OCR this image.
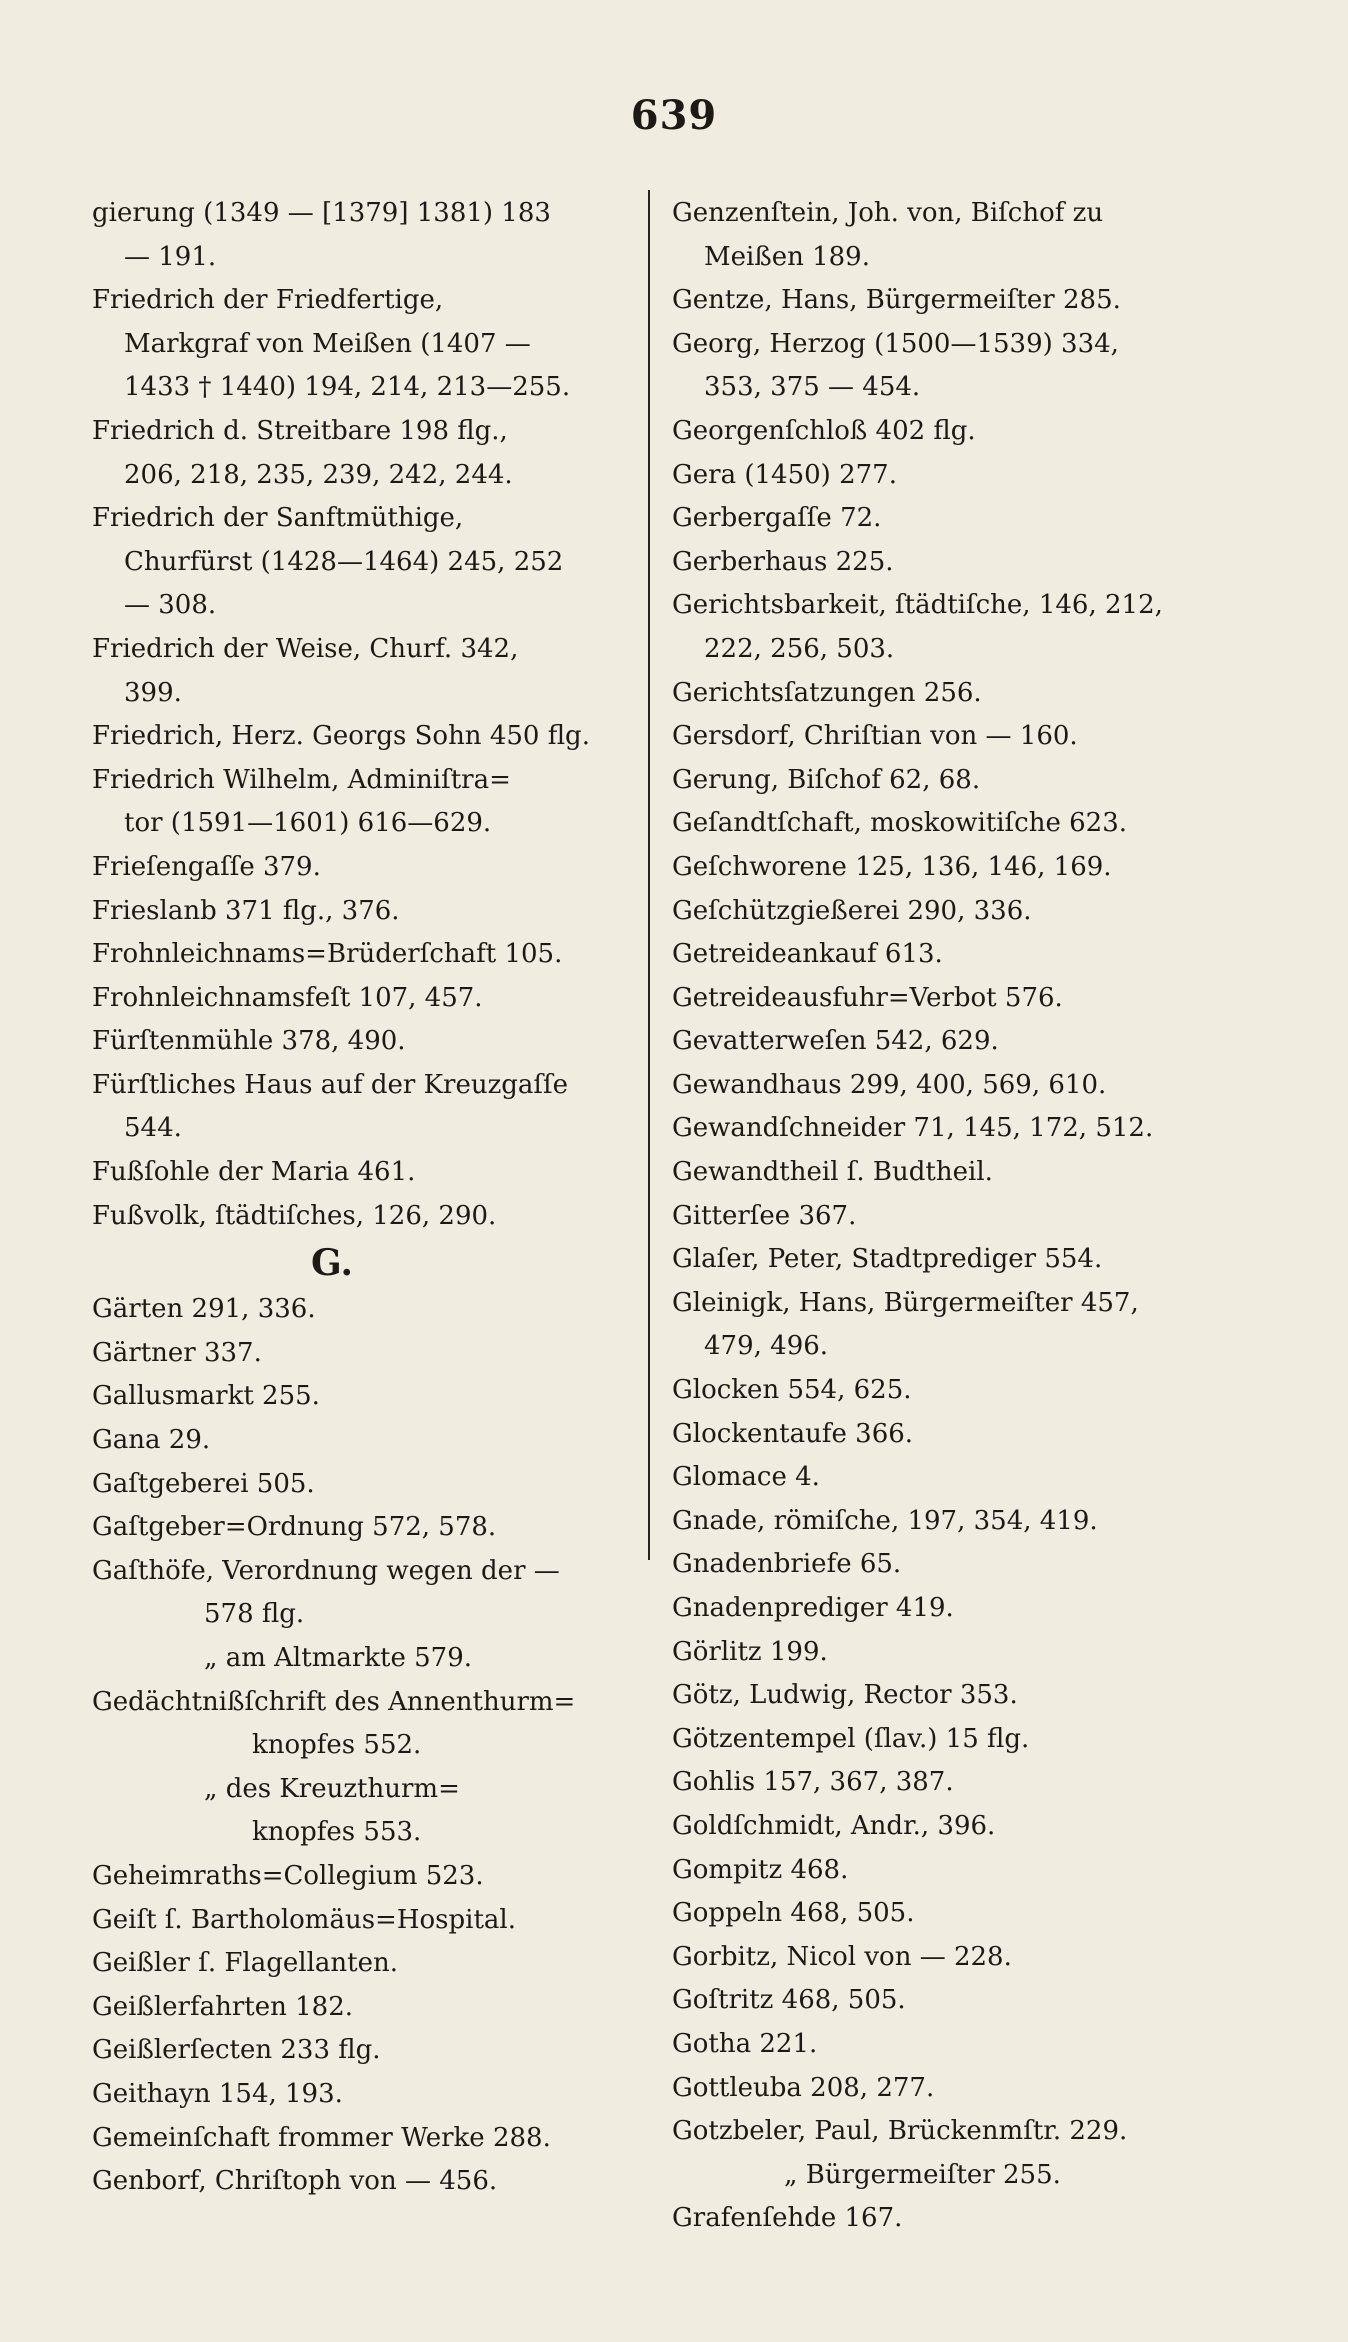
639
gierung (1349 — [1379] 1381) 183
— 191.
Friedrich der Friedfertige,
Markgraf von Meißen (1407 —
1433 † 1440) 194, 214, 213—255.
Friedrich d. Streitbare 198 flg.,
206, 218, 235, 239, 242, 244.
Friedrich der Sanftmüthige,
Churfürst (1428—1464) 245, 252
— 308.
Friedrich der Weise, Churf. 342,
399.
Friedrich, Herz. Georgs Sohn 450 flg.
Friedrich Wilhelm, Adminiſtra=
tor (1591—1601) 616—629.
Frieſengaſſe 379.
Frieslanb 371 flg., 376.
Frohnleichnams=Brüderſchaft 105.
Frohnleichnamsfeſt 107, 457.
Fürſtenmühle 378, 490.
Fürſtliches Haus auf der Kreuzgaſſe
544.
Fußſohle der Maria 461.
Fußvolk, ſtädtiſches, 126, 290.
G.
Gärten 291, 336.
Gärtner 337.
Gallusmarkt 255.
Gana 29.
Gaſtgeberei 505.
Gaſtgeber=Ordnung 572, 578.
Gaſthöfe, Verordnung wegen der —
578 flg.
„ am Altmarkte 579.
Gedächtnißſchrift des Annenthurm=
knopfes 552.
„ des Kreuzthurm=
knopfes 553.
Geheimraths=Collegium 523.
Geiſt ſ. Bartholomäus=Hospital.
Geißler ſ. Flagellanten.
Geißlerfahrten 182.
Geißlerſecten 233 flg.
Geithayn 154, 193.
Gemeinſchaft frommer Werke 288.
Genborf, Chriſtoph von — 456.
Genzenſtein, Joh. von, Biſchof zu
Meißen 189.
Gentze, Hans, Bürgermeiſter 285.
Georg, Herzog (1500—1539) 334,
353, 375 — 454.
Georgenſchloß 402 flg.
Gera (1450) 277.
Gerbergaſſe 72.
Gerberhaus 225.
Gerichtsbarkeit, ſtädtiſche, 146, 212,
222, 256, 503.
Gerichtsſatzungen 256.
Gersdorf, Chriſtian von — 160.
Gerung, Biſchof 62, 68.
Geſandtſchaft, moskowitiſche 623.
Geſchworene 125, 136, 146, 169.
Geſchützgießerei 290, 336.
Getreideankauf 613.
Getreideausfuhr=Verbot 576.
Gevatterweſen 542, 629.
Gewandhaus 299, 400, 569, 610.
Gewandſchneider 71, 145, 172, 512.
Gewandtheil ſ. Budtheil.
Gitterſee 367.
Glaſer, Peter, Stadtprediger 554.
Gleinigk, Hans, Bürgermeiſter 457,
479, 496.
Glocken 554, 625.
Glockentaufe 366.
Glomace 4.
Gnade, römiſche, 197, 354, 419.
Gnadenbriefe 65.
Gnadenprediger 419.
Görlitz 199.
Götz, Ludwig, Rector 353.
Götzentempel (ſlav.) 15 flg.
Gohlis 157, 367, 387.
Goldſchmidt, Andr., 396.
Gompitz 468.
Goppeln 468, 505.
Gorbitz, Nicol von — 228.
Goſtritz 468, 505.
Gotha 221.
Gottleuba 208, 277.
Gotzbeler, Paul, Brückenmſtr. 229.
„ Bürgermeiſter 255.
Grafenſehde 167.
